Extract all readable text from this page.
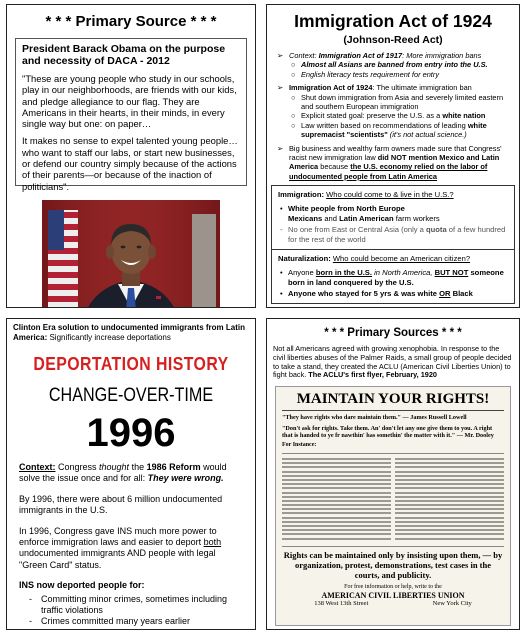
* * * Primary Source * * *
President Barack Obama on the purpose and necessity of DACA - 2012
"These are young people who study in our schools, play in our neighborhoods, are friends with our kids, and pledge allegiance to our flag. They are Americans in their hearts, in their minds, in every single way but one: on paper…
It makes no sense to expel talented young people… who want to staff our labs, or start new businesses, or defend our country simply because of the actions of their parents—or because of the inaction of politicians".
Immigration Act of 1924
(Johnson-Reed Act)
➢ Context: Immigration Act of 1917: More immigration bans
○ Almost all Asians are banned from entry into the U.S.
○ English literacy tests requirement for entry
➢ Immigration Act of 1924: The ultimate immigration ban
○ Shut down immigration from Asia and severely limited eastern and southern European immigration
○ Explicit stated goal: preserve the U.S. as a white nation
○ Law written based on recommendations of leading white supremacist "scientists" (it's not actual science.)
➢ Big business and wealthy farm owners made sure that Congress' racist new immigration law did NOT mention Mexico and Latin America because the U.S. economy relied on the labor of undocumented people from Latin America
Immigration: Who could come to & live in the U.S.?
• White people from North Europe
Mexicans and Latin American farm workers
- No one from East or Central Asia (only a quota of a few hundred for the rest of the world
Naturalization: Who could become an American citizen?
• Anyone born in the U.S. in North America, BUT NOT someone born in land conquered by the U.S.
• Anyone who stayed for 5 yrs & was white OR Black
Clinton Era solution to undocumented immigrants from Latin America: Significantly increase deportations
DEPORTATION HISTORY
CHANGE-OVER-TIME
1996

Context: Congress thought the 1986 Reform would solve the issue once and for all: They were wrong.

By 1996, there were about 6 million undocumented immigrants in the U.S.

In 1996, Congress gave INS much more power to enforce immigration laws and easier to deport both undocumented immigrants AND people with legal "Green Card" status.

INS now deported people for:
-	Committing minor crimes, sometimes including traffic violations
-	Crimes committed many years earlier
* * * Primary Sources * * *
Not all Americans agreed with growing xenophobia. In response to the civil liberties abuses of the Palmer Raids, a small group of people decided to take a stand, they created the ACLU (American Civil Liberties Union) to fight back. The ACLU's first flyer, February, 1920
MAINTAIN YOUR RIGHTS!
"They have rights who dare maintain them." — James Russell Lowell
"Don't ask for rights. Take them. An' don't let any one give them to you. A right that is handed to ye fr nawthin' has somethin' the matter with it." — Mr. Dooley
For Instance:
Rights can be maintained only by insisting upon them, — by organization, protest, demonstrations, test cases in the courts, and publicity.
For free information or help, write to the
AMERICAN CIVIL LIBERTIES UNION
138 West 13th Street	New York City
